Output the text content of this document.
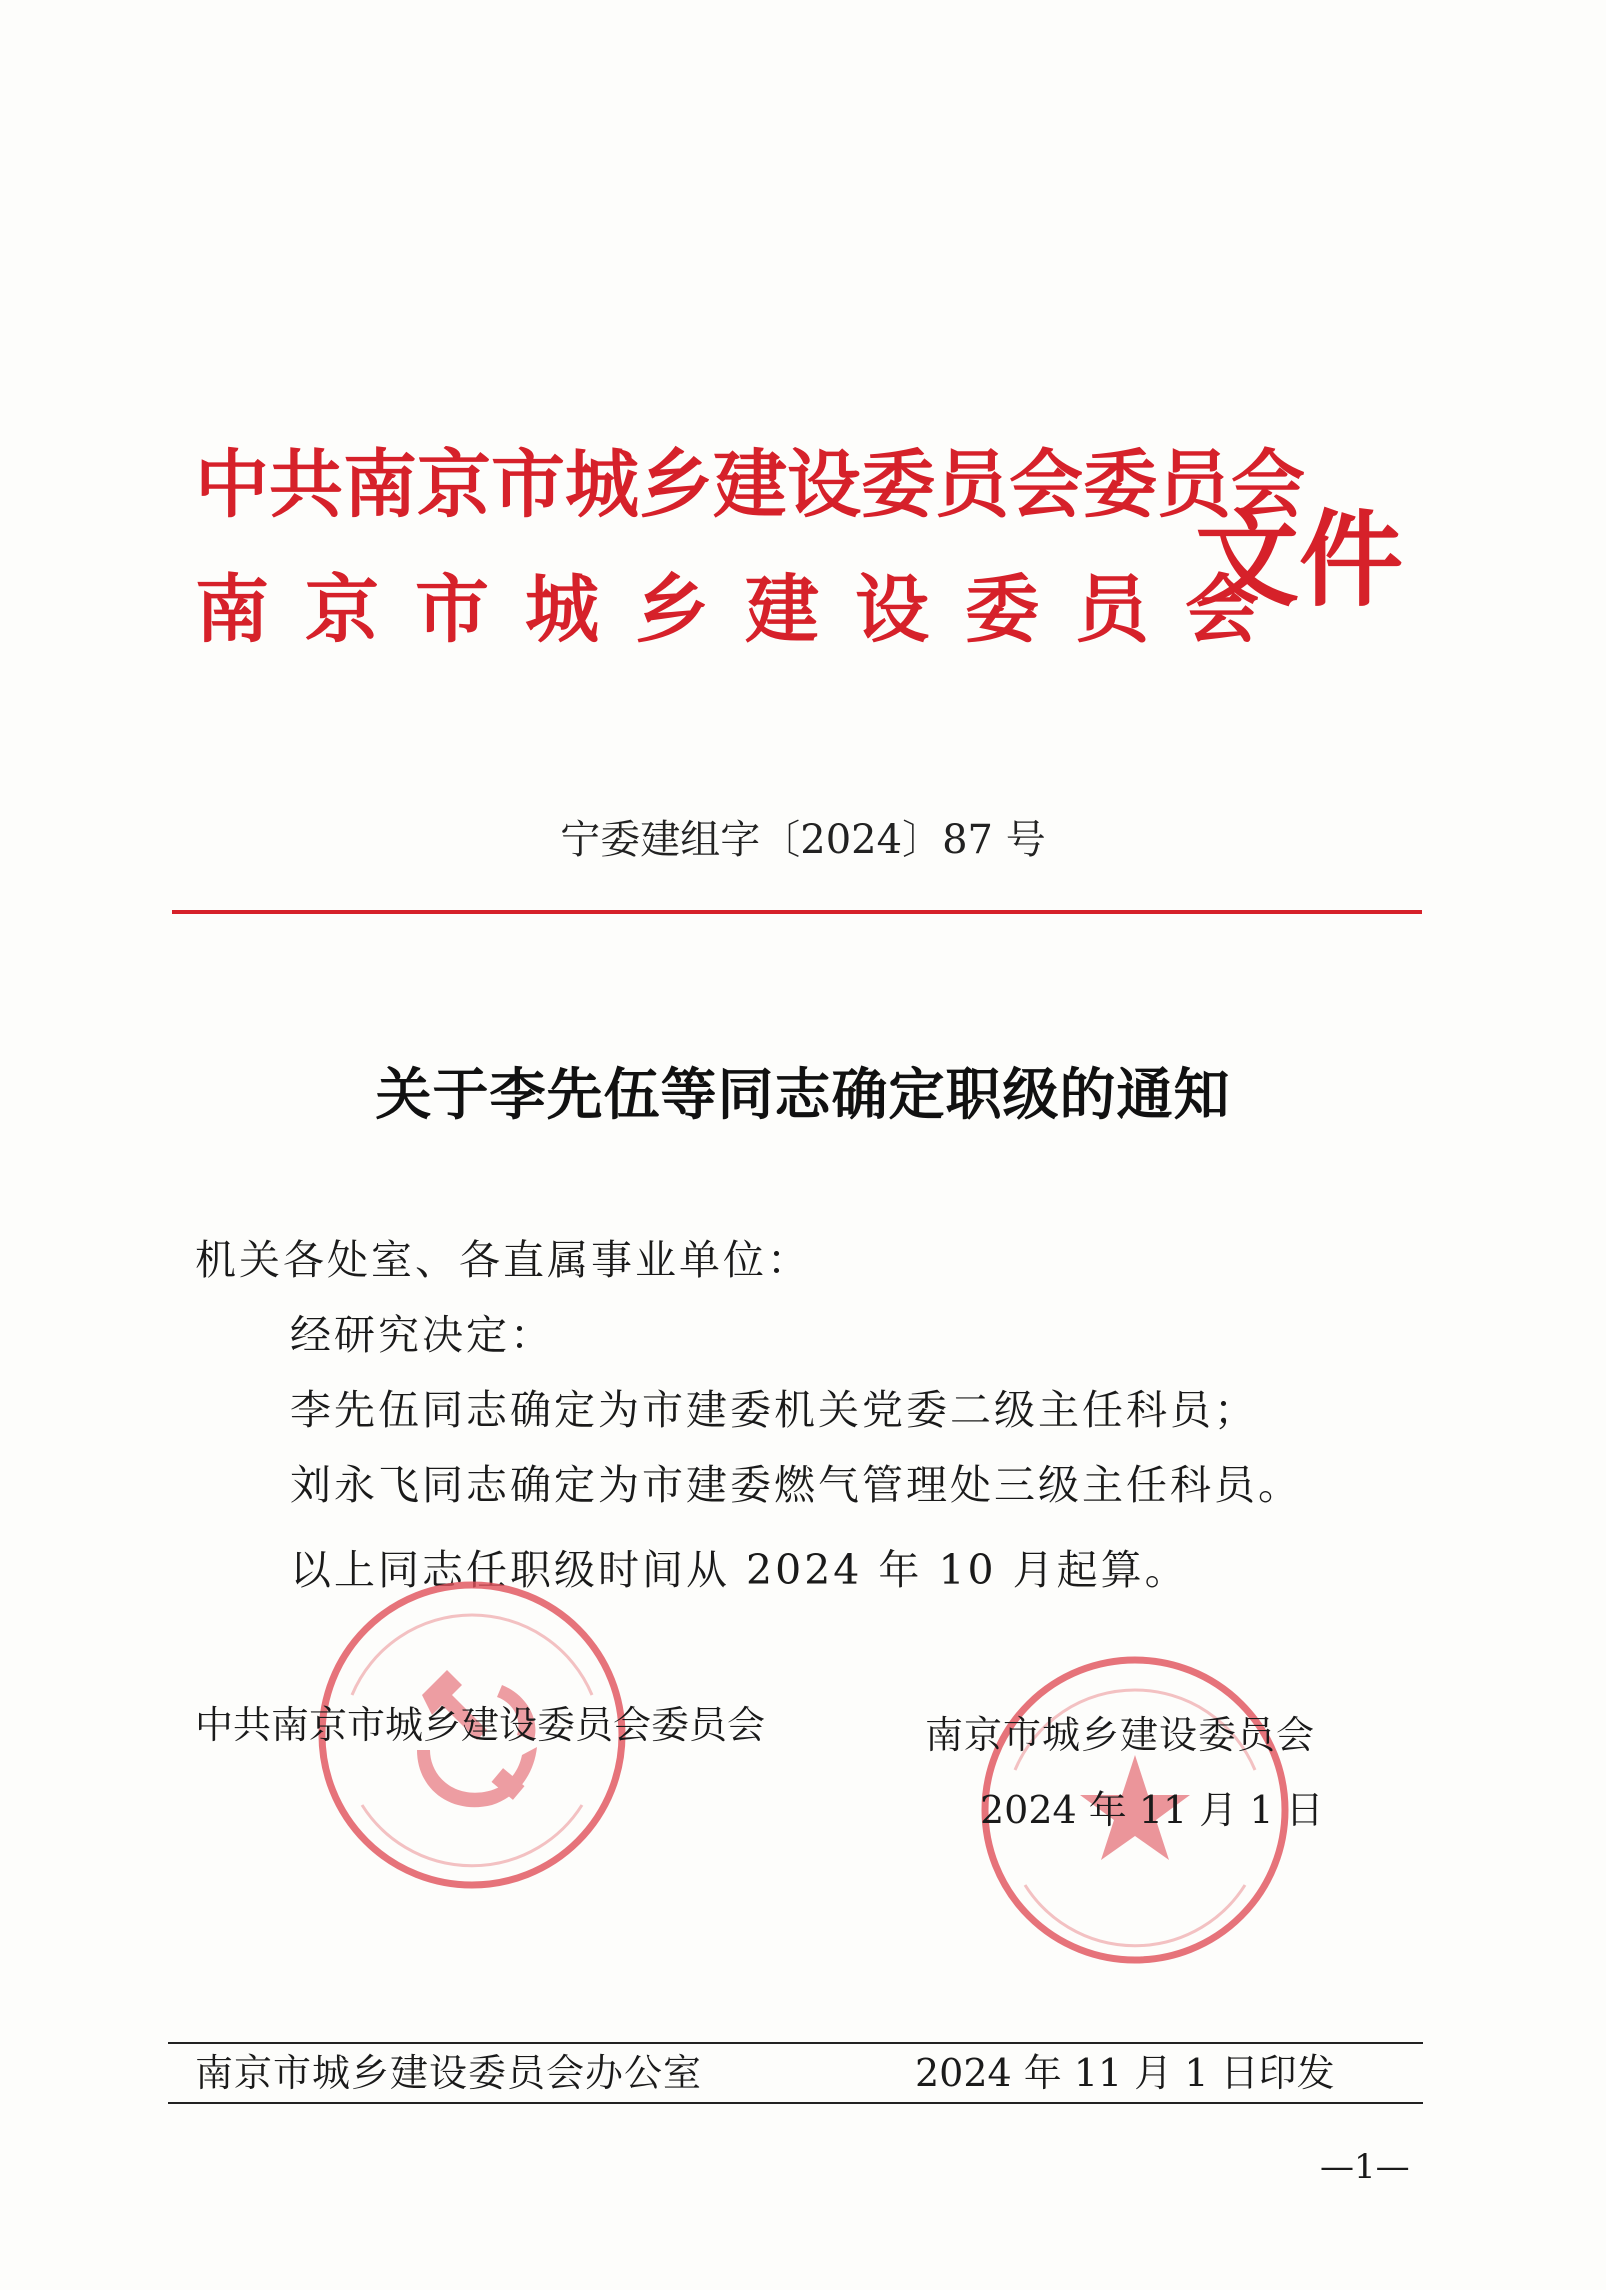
中共南京市城乡建设委员会委员会
南京市城乡建设委员会
文件
宁委建组字〔2024〕87 号
关于李先伍等同志确定职级的通知
机关各处室、各直属事业单位：
经研究决定：
李先伍同志确定为市建委机关党委二级主任科员；
刘永飞同志确定为市建委燃气管理处三级主任科员。
以上同志任职级时间从 2024 年 10 月起算。
中共南京市城乡建设委员会委员会	南京市城乡建设委员会
2024 年 11 月 1 日
南京市城乡建设委员会办公室	2024 年 11 月 1 日印发
—1—
